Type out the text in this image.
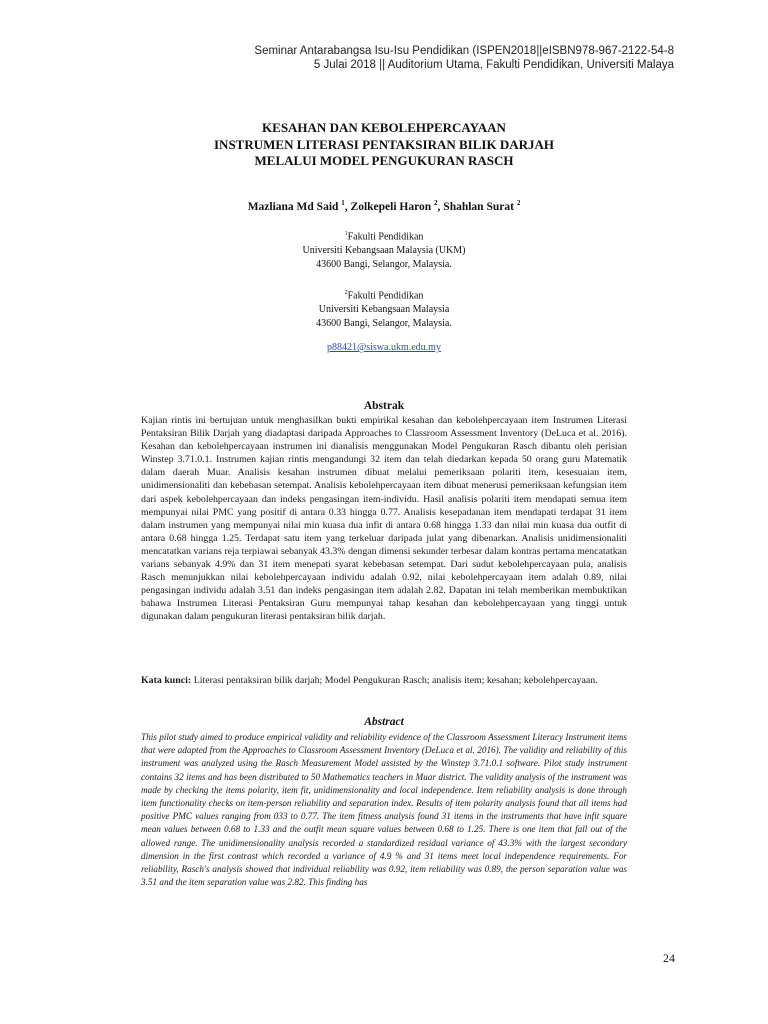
Seminar Antarabangsa Isu-Isu Pendidikan (ISPEN2018||eISBN978-967-2122-54-8
5 Julai 2018 || Auditorium Utama, Fakulti Pendidikan, Universiti Malaya
KESAHAN DAN KEBOLEHPERCAYAAN
INSTRUMEN LITERASI PENTAKSIRAN BILIK DARJAH
MELALUI MODEL PENGUKURAN RASCH
Mazliana Md Said $^1$, Zolkepeli Haron $^2$, Shahlan Surat $^2$
$^1$Fakulti Pendidikan
Universiti Kebangsaan Malaysia (UKM)
43600 Bangi, Selangor, Malaysia.
$^2$Fakulti Pendidikan
Universiti Kebangsaan Malaysia
43600 Bangi, Selangor, Malaysia.
p88421@siswa.ukm.edu.my
Abstrak
Kajian rintis ini bertujuan untuk menghasilkan bukti empirikal kesahan dan kebolehpercayaan item Instrumen Literasi Pentaksiran Bilik Darjah yang diadaptasi daripada Approaches to Classroom Assessment Inventory (DeLuca et al. 2016). Kesahan dan kebolehpercayaan instrumen ini dianalisis menggunakan Model Pengukuran Rasch dibantu oleh perisian Winstep 3.71.0.1. Instrumen kajian rintis mengandungi 32 item dan telah diedarkan kepada 50 orang guru Matematik dalam daerah Muar. Analisis kesahan instrumen dibuat melalui pemeriksaan polariti item, kesesuaian item, unidimensionaliti dan kebebasan setempat. Analisis kebolehpercayaan item dibuat menerusi pemeriksaan kefungsian item dari aspek kebolehpercayaan dan indeks pengasingan item-individu. Hasil analisis polariti item mendapati semua item mempunyai nilai PMC yang positif di antara 0.33 hingga 0.77. Analisis kesepadanan item mendapati terdapat 31 item dalam instrumen yang mempunyai nilai min kuasa dua infit di antara 0.68 hingga 1.33 dan nilai min kuasa dua outfit di antara 0.68 hingga 1.25. Terdapat satu item yang terkeluar daripada julat yang dibenarkan. Analisis unidimensionaliti mencatatkan varians reja terpiawai sebanyak 43.3% dengan dimensi sekunder terbesar dalam kontras pertama mencatatkan varians sebanyak 4.9% dan 31 item menepati syarat kebebasan setempat. Dari sudut kebolehpercayaan pula, analisis Rasch menunjukkan nilai kebolehpercayaan individu adalah 0.92, nilai kebolehpercayaan item adalah 0.89, nilai pengasingan individu adalah 3.51 dan indeks pengasingan item adalah 2.82. Dapatan ini telah memberikan membuktikan bahawa Instrumen Literasi Pentaksiran Guru mempunyai tahap kesahan dan kebolehpercayaan yang tinggi untuk digunakan dalam pengukuran literasi pentaksiran bilik darjah.
Kata kunci: Literasi pentaksiran bilik darjah; Model Pengukuran Rasch; analisis item; kesahan; kebolehpercayaan.
Abstract
This pilot study aimed to produce empirical validity and reliability evidence of the Classroom Assessment Literacy Instrument items that were adapted from the Approaches to Classroom Assessment Inventory (DeLuca et al. 2016). The validity and reliability of this instrument was analyzed using the Rasch Measurement Model assisted by the Winstep 3.71.0.1 software. Pilot study instrument contains 32 items and has been distributed to 50 Mathematics teachers in Muar district. The validity analysis of the instrument was made by checking the items polarity, item fit, unidimensionality and local independence. Item reliability analysis is done through item functionality checks on item-person reliability and separation index. Results of item polarity analysis found that all items had positive PMC values ranging from 033 to 0.77. The item fitness analysis found 31 items in the instruments that have infit square mean values between 0.68 to 1.33 and the outfit mean square values between 0.68 to 1.25. There is one item that fall out of the allowed range. The unidimensionality analysis recorded a standardized residual variance of 43.3% with the largest secondary dimension in the first contrast which recorded a variance of 4.9 % and 31 items meet local independence requirements. For reliability, Rasch's analysis showed that individual reliability was 0.92, item reliability was 0.89, the person separation value was 3.51 and the item separation value was 2.82. This finding has
24
